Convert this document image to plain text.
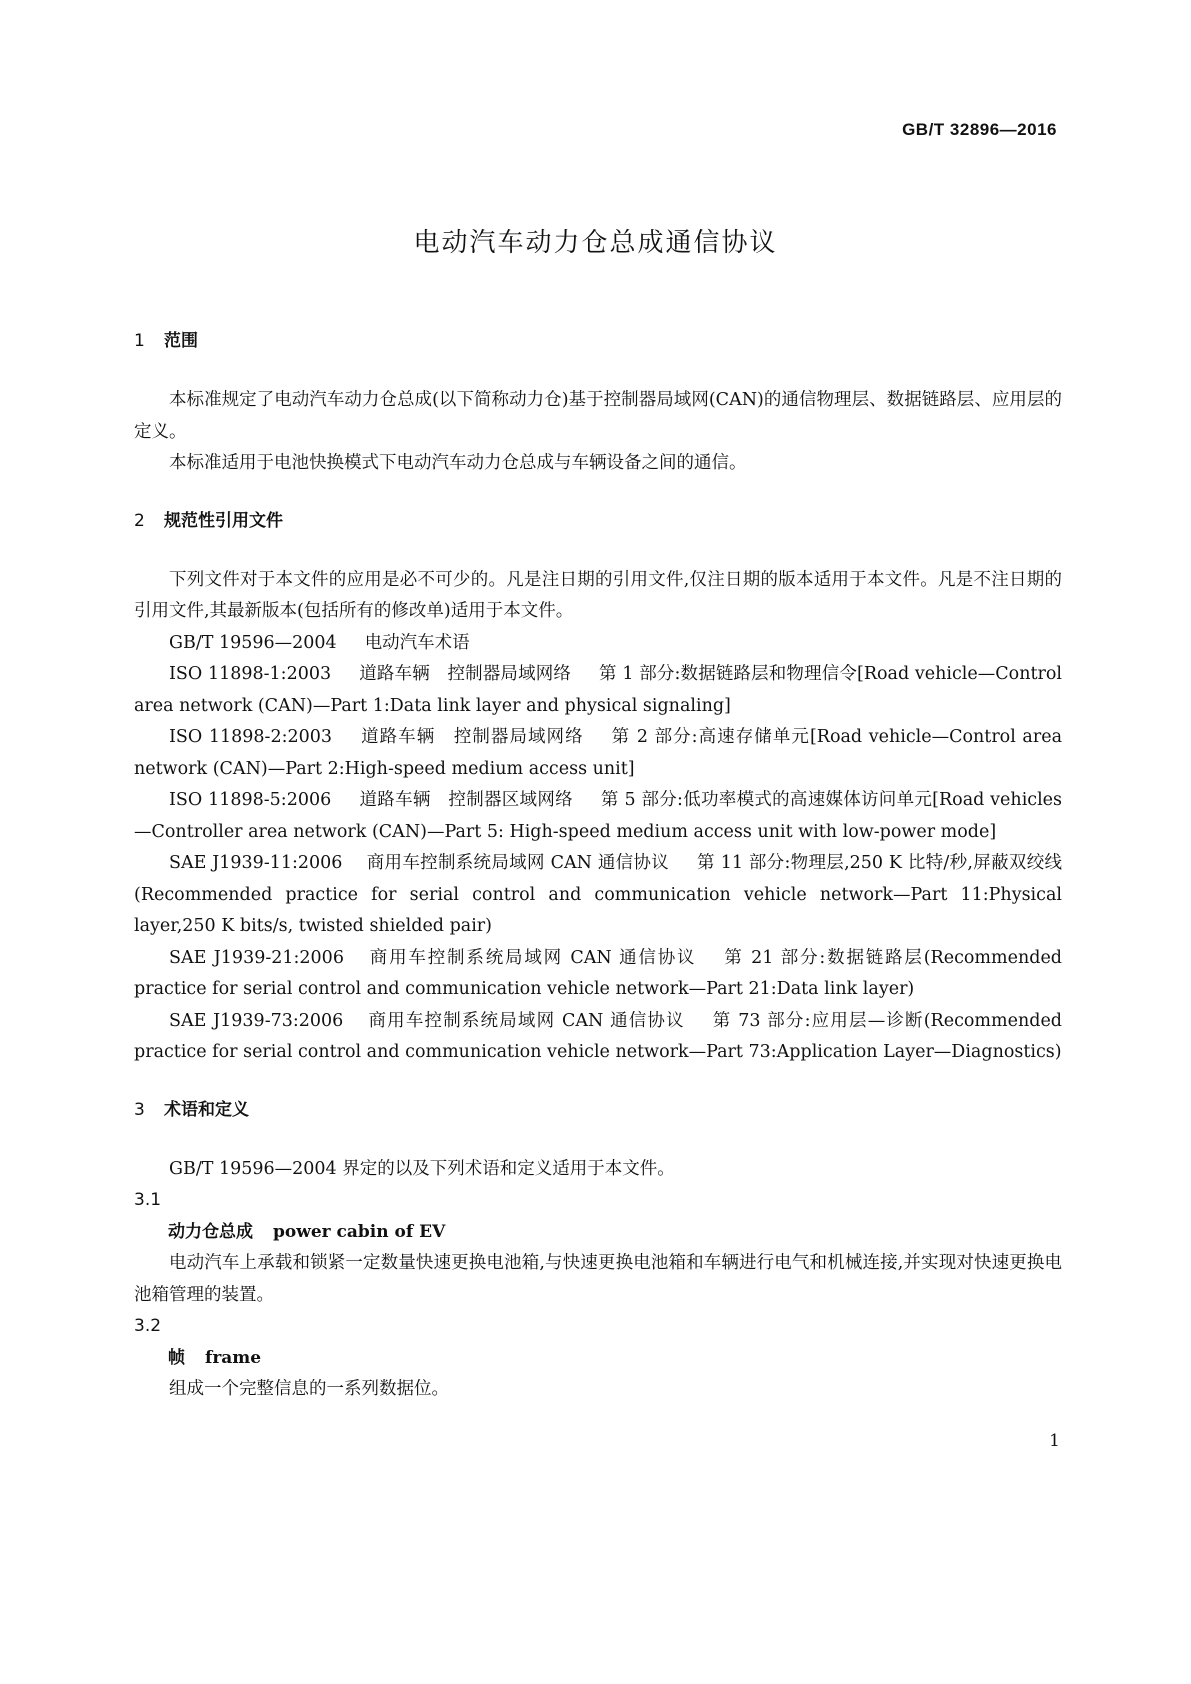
GB/T 32896—2016
电动汽车动力仓总成通信协议
1 范围

本标准规定了电动汽车动力仓总成(以下简称动力仓)基于控制器局域网(CAN)的通信物理层、数据链路层、应用层的定义。

本标准适用于电池快换模式下电动汽车动力仓总成与车辆设备之间的通信。

2 规范性引用文件

下列文件对于本文件的应用是必不可少的。凡是注日期的引用文件,仅注日期的版本适用于本文件。凡是不注日期的引用文件,其最新版本(包括所有的修改单)适用于本文件。

GB/T 19596—2004 电动汽车术语

ISO 11898-1:2003 道路车辆　控制器局域网络 第 1 部分:数据链路层和物理信令[Road vehicle—Control area network (CAN)—Part 1:Data link layer and physical signaling]

ISO 11898-2:2003 道路车辆　控制器局域网络 第 2 部分:高速存储单元[Road vehicle—Control area network (CAN)—Part 2:High-speed medium access unit]

ISO 11898-5:2006 道路车辆　控制器区域网络 第 5 部分:低功率模式的高速媒体访问单元[Road vehicles—Controller area network (CAN)—Part 5: High-speed medium access unit with low-power mode]

SAE J1939-11:2006 商用车控制系统局域网 CAN 通信协议 第 11 部分:物理层,250 K 比特/秒,屏蔽双绞线(Recommended practice for serial control and communication vehicle network—Part 11:Physical layer,250 K bits/s, twisted shielded pair)

SAE J1939-21:2006 商用车控制系统局域网 CAN 通信协议 第 21 部分:数据链路层(Recommended practice for serial control and communication vehicle network—Part 21:Data link layer)

SAE J1939-73:2006 商用车控制系统局域网 CAN 通信协议 第 73 部分:应用层—诊断(Recommended practice for serial control and communication vehicle network—Part 73:Application Layer—Diagnostics)

3 术语和定义

GB/T 19596—2004 界定的以及下列术语和定义适用于本文件。

3.1

动力仓总成 power cabin of EV

电动汽车上承载和锁紧一定数量快速更换电池箱,与快速更换电池箱和车辆进行电气和机械连接,并实现对快速更换电池箱管理的装置。

3.2

帧 frame

组成一个完整信息的一系列数据位。

1
